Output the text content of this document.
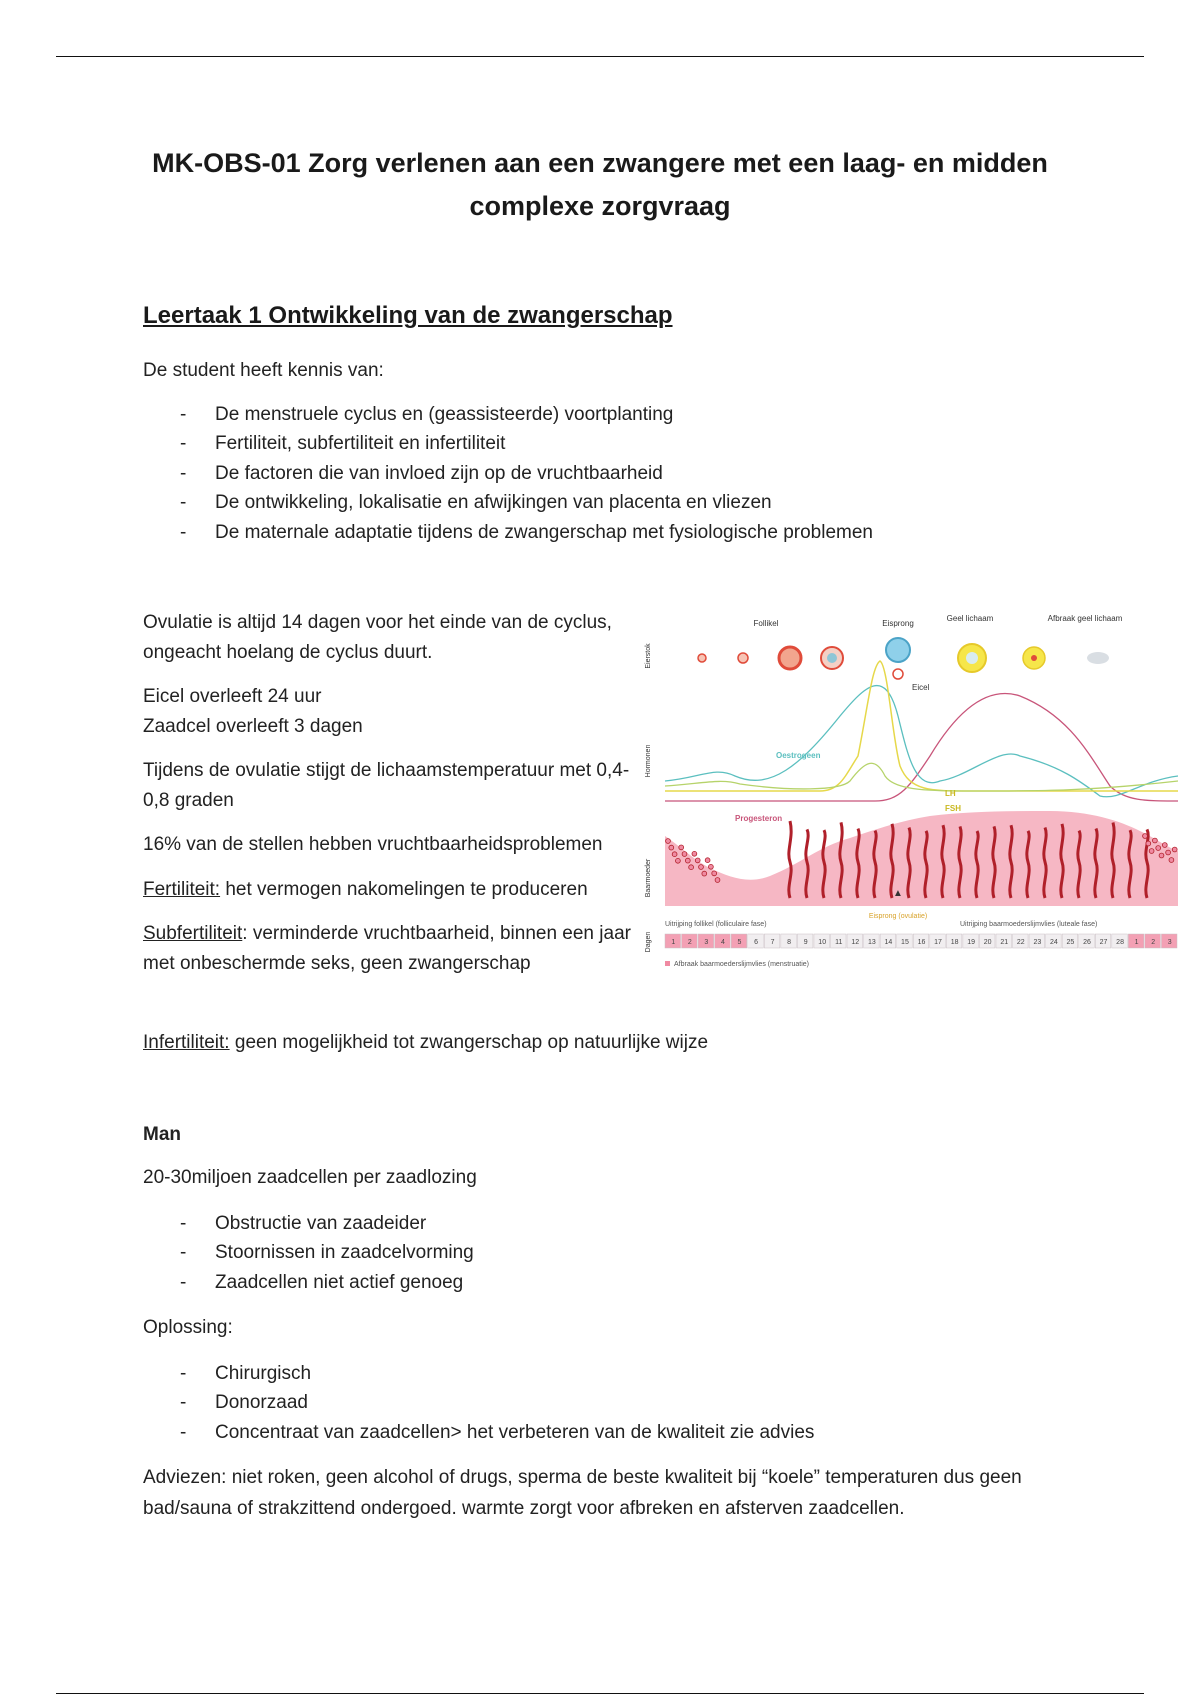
MK-OBS-01 Zorg verlenen aan een zwangere met een laag- en midden complexe zorgvraag
Leertaak 1 Ontwikkeling van de zwangerschap

De student heeft kennis van:

- De menstruele cyclus en (geassisteerde) voortplanting
- Fertiliteit, subfertiliteit en infertiliteit
- De factoren die van invloed zijn op de vruchtbaarheid
- De ontwikkeling, lokalisatie en afwijkingen van placenta en vliezen
- De maternale adaptatie tijdens de zwangerschap met fysiologische problemen

Ovulatie is altijd 14 dagen voor het einde van de cyclus, ongeacht hoelang de cyclus duurt.

Eicel overleeft 24 uur
Zaadcel overleeft 3 dagen

Tijdens de ovulatie stijgt de lichaamstemperatuur met 0,4-0,8 graden

16% van de stellen hebben vruchtbaarheidsproblemen

Fertiliteit: het vermogen nakomelingen te produceren

Subfertiliteit: verminderde vruchtbaarheid, binnen een jaar met onbeschermde seks, geen zwangerschap

Infertiliteit: geen mogelijkheid tot zwangerschap op natuurlijke wijze

Eierstok
Hormonen
Baarmoeder
Dagen
Follikel	Eisprong
Geel lichaam	Afbraak geel lichaam
Eicel
Oestrogeen
LH
FSH
Progesteron
▲
Uitrijping follikel (folliculaire fase)
Eisprong (ovulatie)
Uitrijping baarmoederslijmvlies (luteale fase)
1 2 3 4 5 6 7 8 9 10 11 12 13 14 15 16 17 18 19 20 21 22 23 24 25 26 27 28 1 2 3
Afbraak baarmoederslijmvlies (menstruatie)

Man

20-30miljoen zaadcellen per zaadlozing

- Obstructie van zaadeider
- Stoornissen in zaadcelvorming
- Zaadcellen niet actief genoeg

Oplossing:

- Chirurgisch
- Donorzaad
- Concentraat van zaadcellen> het verbeteren van de kwaliteit zie advies

Adviezen: niet roken, geen alcohol of drugs, sperma de beste kwaliteit bij “koele” temperaturen dus geen bad/sauna of strakzittend ondergoed. warmte zorgt voor afbreken en afsterven zaadcellen.
